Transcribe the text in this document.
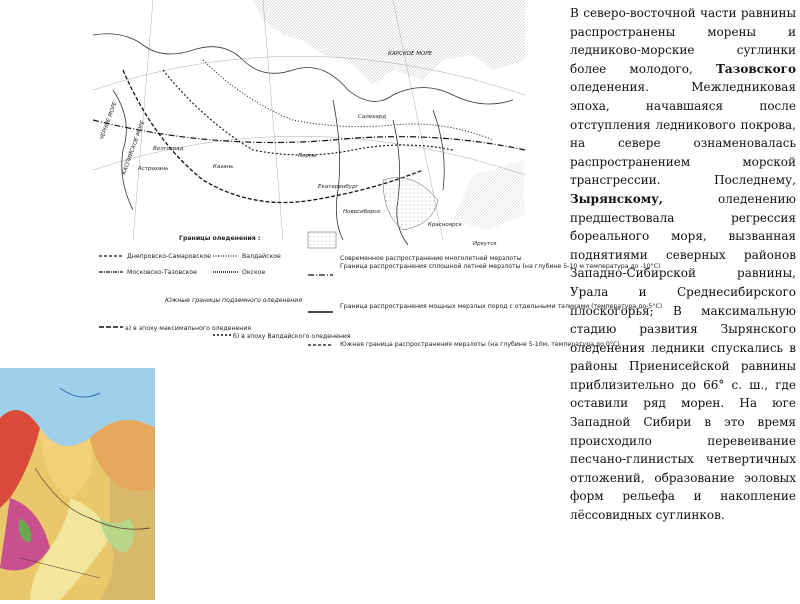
КАРСКОЕ МОРЕ
Салехард
Пермь
Екатеринбург
Новосибирск
Красноярск
Иркутск
Казань
Волгоград
Астрахань
ЧЕРНОЕ МОРЕ КАСПИЙСКОЕ МОРЕ
Границы оледенения :
Днепровско-Самаровское	Валдайское
Московско-Тазовское	Окское
Южные границы подземного оледенения
а) в эпоху максимального оледенения
б) в эпоху Валдайского оледенения
Современное распространение многолетней мерзлоты
Граница распространения сплошной летней мерзлоты (на глубине 5-10 м температура до -10°С)
Граница распространения мощных мерзлых пород с отдельными таликами (температура до-5°С)
Южная граница распространения мерзлоты (на глубине 5-10м, температура до 0°С)
В северо-восточной части равнины распространены морены и ледниково-морские суглинки более молодого, Тазовского оледенения. Межледниковая эпоха, начавшаяся после отступления ледникового покрова, на севере ознаменовалась распространением морской трансгрессии. Последнему, Зырянскому,	оледенению предшествовала регрессия бореального моря, вызванная поднятиями северных районов Западно-Сибирской равнины, Урала и Среднесибирского плоскогорья; В максимальную стадию развития Зырянского оледенения ледники спускались в районы Приенисейской равнины приблизительно до 66° с. ш., где оставили ряд морен. На юге Западной Сибири в это время происходило перевеивание песчано-глинистых четвертичных отложений, образование эоловых форм рельефа и накопление лёссовидных суглинков.
